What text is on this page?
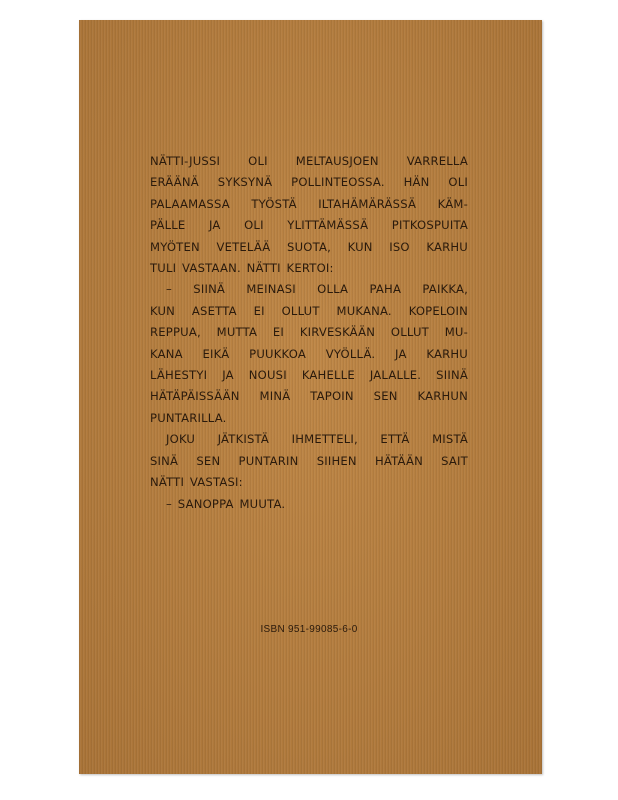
NÄTTI-JUSSI OLI MELTAUSJOEN VARRELLA
ERÄÄNÄ SYKSYNÄ POLLINTEOSSA. HÄN OLI
PALAAMASSA TYÖSTÄ ILTAHÄMÄRÄSSÄ KÄM-
PÄLLE JA OLI YLITTÄMÄSSÄ PITKOSPUITA
MYÖTEN VETELÄÄ SUOTA, KUN ISO KARHU
TULI VASTAAN. NÄTTI KERTOI:
– SIINÄ MEINASI OLLA PAHA PAIKKA,
KUN ASETTA EI OLLUT MUKANA. KOPELOIN
REPPUA, MUTTA EI KIRVESKÄÄN OLLUT MU-
KANA EIKÄ PUUKKOA VYÖLLÄ. JA KARHU
LÄHESTYI JA NOUSI KAHELLE JALALLE. SIINÄ
HÄTÄPÄISSÄÄN MINÄ TAPOIN SEN KARHUN
PUNTARILLA.
JOKU JÄTKISTÄ IHMETTELI, ETTÄ MISTÄ
SINÄ SEN PUNTARIN SIIHEN HÄTÄÄN SAIT
NÄTTI VASTASI:
– SANOPPA MUUTA.
ISBN 951-99085-6-0
